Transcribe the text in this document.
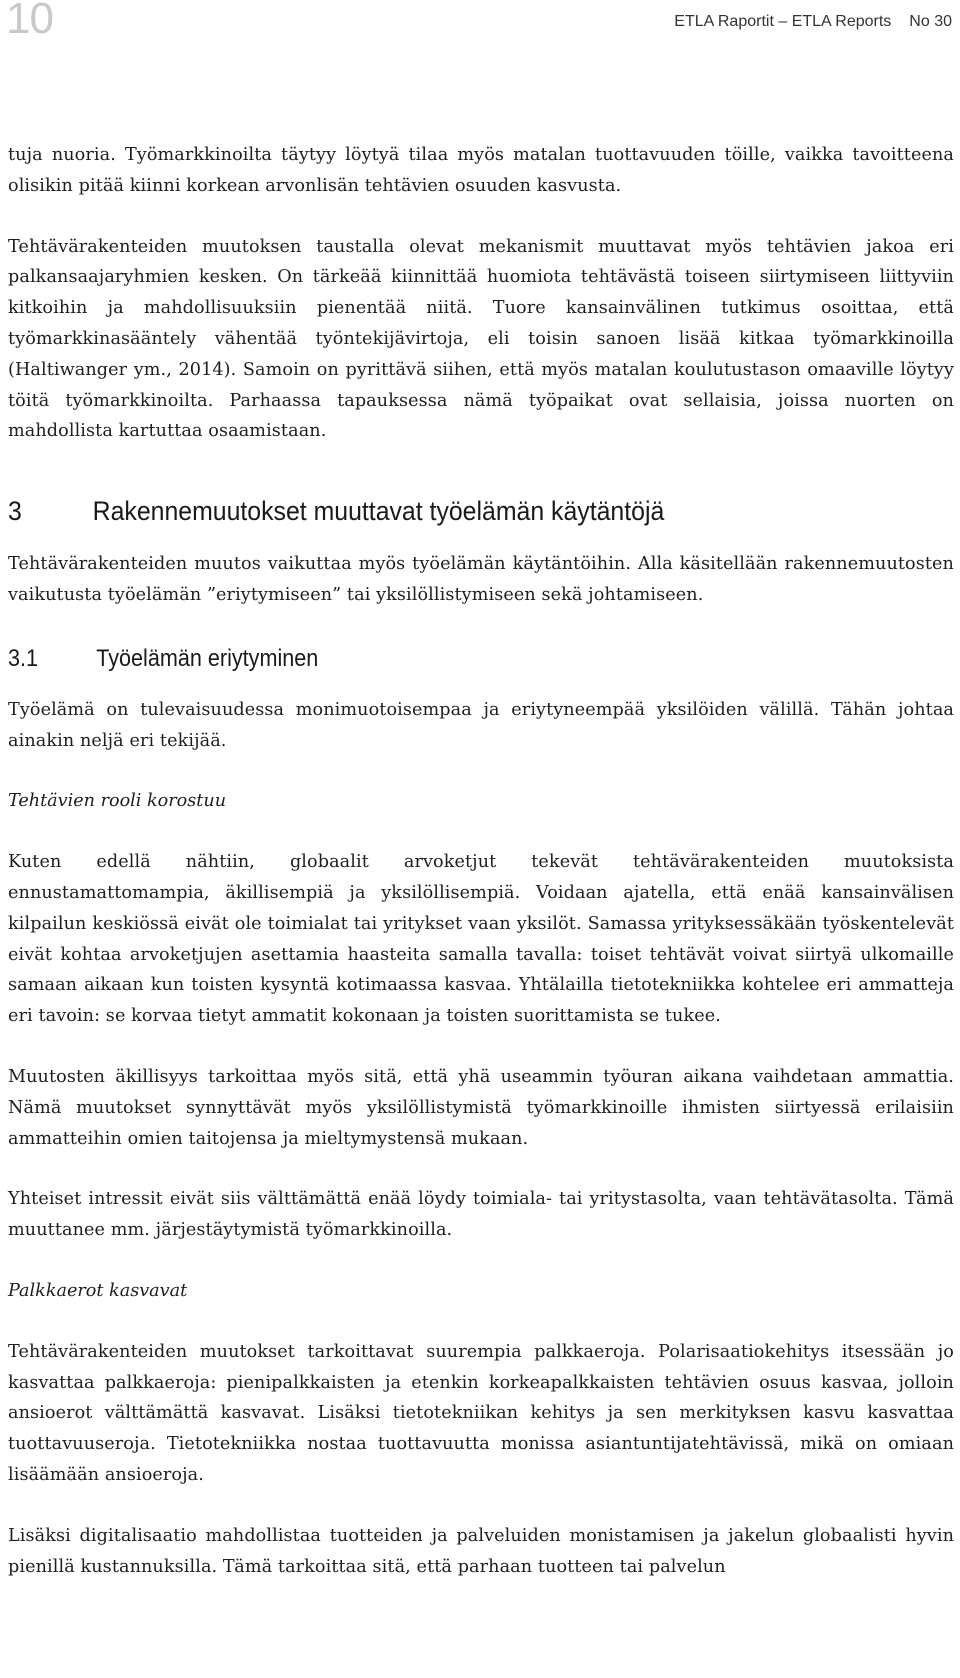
10	ETLA Raportit – ETLA Reports No 30

tuja nuoria. Työmarkkinoilta täytyy löytyä tilaa myös matalan tuottavuuden töille, vaikka tavoitteena olisikin pitää kiinni korkean arvonlisän tehtävien osuuden kasvusta.

Tehtävärakenteiden muutoksen taustalla olevat mekanismit muuttavat myös tehtävien jakoa eri palkansaajaryhmien kesken. On tärkeää kiinnittää huomiota tehtävästä toiseen siirtymiseen liittyviin kitkoihin ja mahdollisuuksiin pienentää niitä. Tuore kansainvälinen tutkimus osoittaa, että työmarkkinasääntely vähentää työntekijävirtoja, eli toisin sanoen lisää kitkaa työmarkkinoilla (Haltiwanger ym., 2014). Samoin on pyrittävä siihen, että myös matalan koulutustason omaaville löytyy töitä työmarkkinoilta. Parhaassa tapauksessa nämä työpaikat ovat sellaisia, joissa nuorten on mahdollista kartuttaa osaamistaan.

3	Rakennemuutokset muuttavat työelämän käytäntöjä

Tehtävärakenteiden muutos vaikuttaa myös työelämän käytäntöihin. Alla käsitellään rakennemuutosten vaikutusta työelämän ”eriytymiseen” tai yksilöllistymiseen sekä johtamiseen.

3.1	Työelämän eriytyminen

Työelämä on tulevaisuudessa monimuotoisempaa ja eriytyneempää yksilöiden välillä. Tähän johtaa ainakin neljä eri tekijää.

Tehtävien rooli korostuu

Kuten edellä nähtiin, globaalit arvoketjut tekevät tehtävärakenteiden muutoksista ennustamattomampia, äkillisempiä ja yksilöllisempiä. Voidaan ajatella, että enää kansainvälisen kilpailun keskiössä eivät ole toimialat tai yritykset vaan yksilöt. Samassa yrityksessäkään työskentelevät eivät kohtaa arvoketjujen asettamia haasteita samalla tavalla: toiset tehtävät voivat siirtyä ulkomaille samaan aikaan kun toisten kysyntä kotimaassa kasvaa. Yhtälailla tietotekniikka kohtelee eri ammatteja eri tavoin: se korvaa tietyt ammatit kokonaan ja toisten suorittamista se tukee.

Muutosten äkillisyys tarkoittaa myös sitä, että yhä useammin työuran aikana vaihdetaan ammattia. Nämä muutokset synnyttävät myös yksilöllistymistä työmarkkinoille ihmisten siirtyessä erilaisiin ammatteihin omien taitojensa ja mieltymystensä mukaan.

Yhteiset intressit eivät siis välttämättä enää löydy toimiala- tai yritystasolta, vaan tehtävätasolta. Tämä muuttanee mm. järjestäytymistä työmarkkinoilla.

Palkkaerot kasvavat

Tehtävärakenteiden muutokset tarkoittavat suurempia palkkaeroja. Polarisaatiokehitys itsessään jo kasvattaa palkkaeroja: pienipalkkaisten ja etenkin korkeapalkkaisten tehtävien osuus kasvaa, jolloin ansioerot välttämättä kasvavat. Lisäksi tietotekniikan kehitys ja sen merkityksen kasvu kasvattaa tuottavuuseroja. Tietotekniikka nostaa tuottavuutta monissa asiantuntijatehtävissä, mikä on omiaan lisäämään ansioeroja.

Lisäksi digitalisaatio mahdollistaa tuotteiden ja palveluiden monistamisen ja jakelun globaalisti hyvin pienillä kustannuksilla. Tämä tarkoittaa sitä, että parhaan tuotteen tai palvelun
